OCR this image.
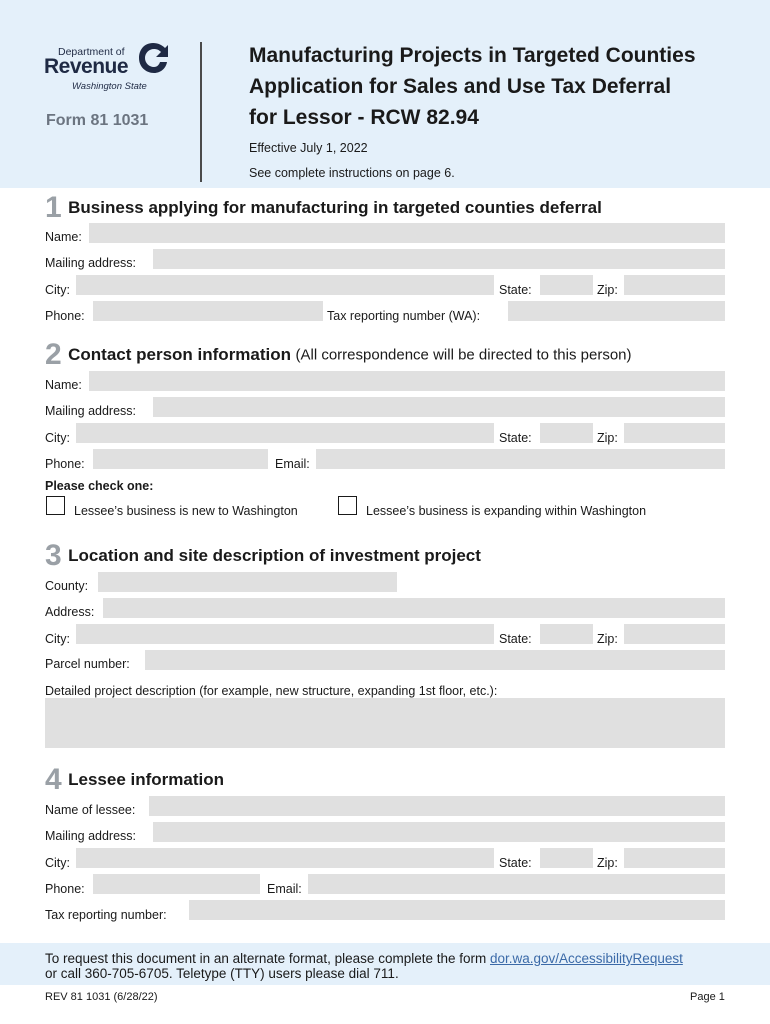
Department of
Revenue
Washington State
Form 81 1031
Manufacturing Projects in Targeted Counties
Application for Sales and Use Tax Deferral
for Lessor - RCW 82.94
Effective July 1, 2022
See complete instructions on page 6.
1 Business applying for manufacturing in targeted counties deferral
Name:
Mailing address:
City:	State:	Zip:
Phone:	Tax reporting number (WA):
2 Contact person information (All correspondence will be directed to this person)
Name:
Mailing address:
City:	State:	Zip:
Phone:	Email:
Please check one:
Lessee’s business is new to Washington	Lessee’s business is expanding within Washington
3 Location and site description of investment project
County:
Address:
City:	State:	Zip:
Parcel number:
Detailed project description (for example, new structure, expanding 1st floor, etc.):
4 Lessee information
Name of lessee:
Mailing address:
City:	State:	Zip:
Phone:	Email:
Tax reporting number:
To request this document in an alternate format, please complete the form dor.wa.gov/AccessibilityRequest
or call 360-705-6705. Teletype (TTY) users please dial 711.
REV 81 1031 (6/28/22)	Page 1
